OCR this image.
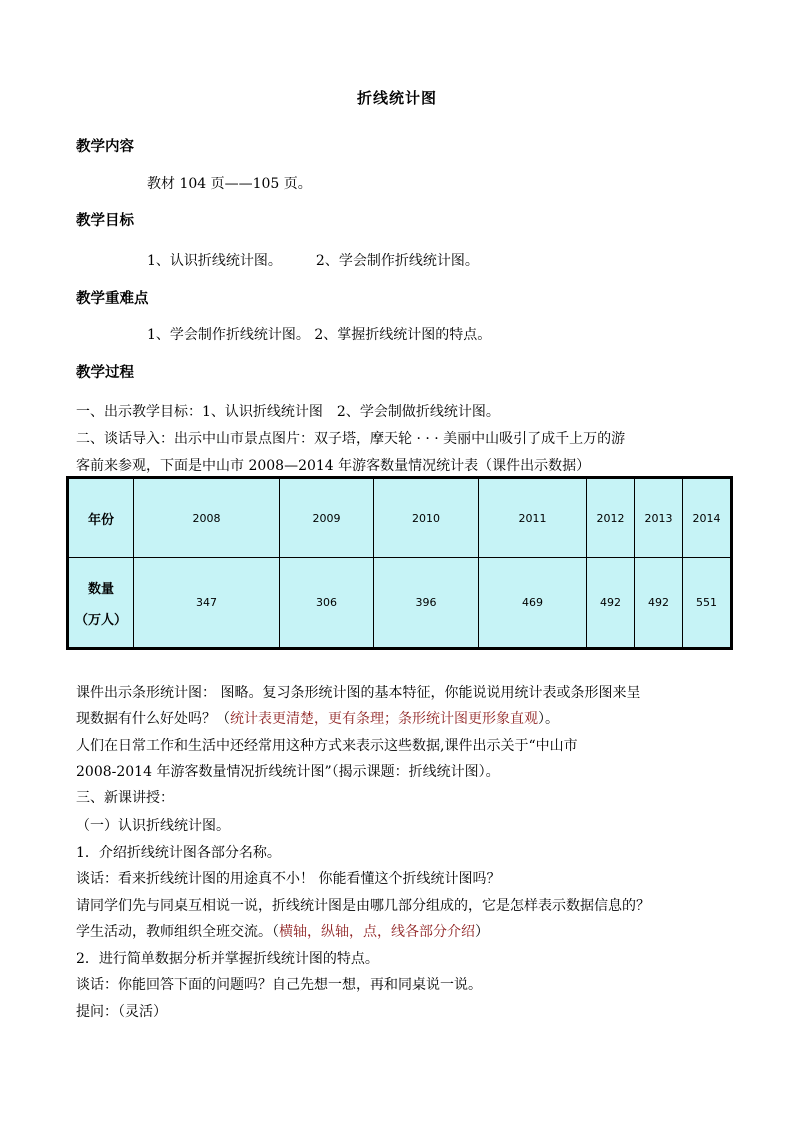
折线统计图
教学内容
教材 104 页——105 页。
教学目标
1、认识折线统计图。 2、学会制作折线统计图。
教学重难点
1、学会制作折线统计图。 2、掌握折线统计图的特点。
教学过程
一、出示教学目标：1、认识折线统计图　2、学会制做折线统计图。
二、谈话导入：出示中山市景点图片：双子塔，摩天轮 · · · 美丽中山吸引了成千上万的游
客前来参观，下面是中山市 2008—2014 年游客数量情况统计表（课件出示数据）
年份	2008	2009	2010	2011	2012	2013	2014
数量
（万人）	347	306	396	469	492	492	551
课件出示条形统计图： 图略。复习条形统计图的基本特征，你能说说用统计表或条形图来呈
现数据有什么好处吗？（统计表更清楚，更有条理；条形统计图更形象直观）。
人们在日常工作和生活中还经常用这种方式来表示这些数据,课件出示关于“中山市
2008-2014 年游客数量情况折线统计图”（揭示课题：折线统计图）。
三、新课讲授：
（一）认识折线统计图。
1．介绍折线统计图各部分名称。
谈话：看来折线统计图的用途真不小！ 你能看懂这个折线统计图吗？
请同学们先与同桌互相说一说，折线统计图是由哪几部分组成的，它是怎样表示数据信息的？
学生活动，教师组织全班交流。（横轴，纵轴，点，线各部分介绍）
2．进行简单数据分析并掌握折线统计图的特点。
谈话：你能回答下面的问题吗？自己先想一想，再和同桌说一说。
提问：（灵活）
